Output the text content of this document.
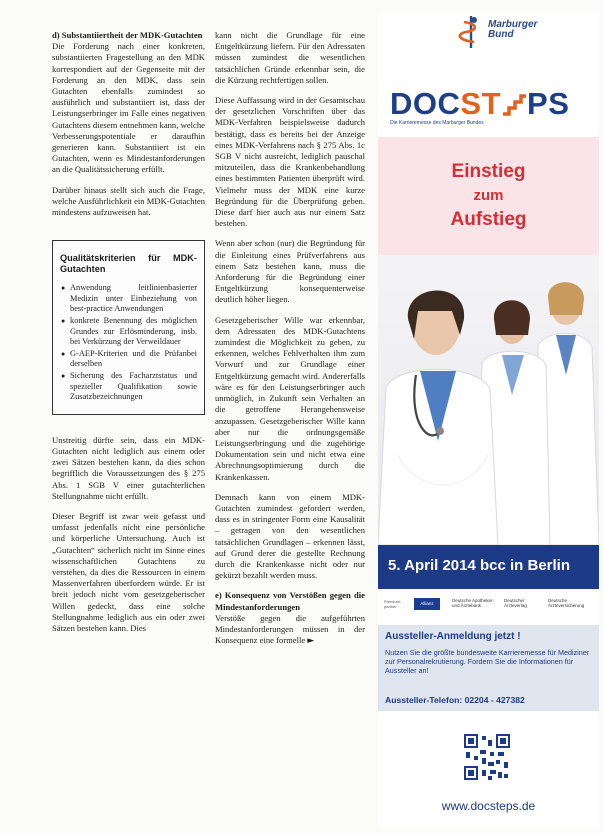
d) Substantiiertheit der MDK-Gutachten

Die Forderung nach einer konkreten, substantiierten Fragestellung an den MDK korrespondiert auf der Gegenseite mit der Forderung an den MDK, dass sein Gutachten ebenfalls zumindest so ausführlich und substantiiert ist, dass der Leistungserbringer im Falle eines negativen Gutachtens diesem entnehmen kann, welche Verbesserungspotentiale er daraufhin generieren kann. Substantiiert ist ein Gutachten, wenn es Mindestanforderungen an die Qualitätssicherung erfüllt.

Darüber hinaus stellt sich auch die Frage, welche Ausführlichkeit ein MDK-Gutachten mindestens aufzuweisen hat.

Qualitätskriterien für MDK-Gutachten
● Anwendung leitlinienbasierter Medizin unter Einbeziehung von best-practice Anwendungen
● konkrete Benennung des möglichen Grundes zur Erlösminderung, insb. bei Verkürzung der Verweildauer
● G-AEP-Kriterien und die Prüfanbei derselben
● Sicherung des Facharztstatus und spezieller Qualifikation sowie Zusatzbezeichnungen

Unstreitig dürfte sein, dass ein MDK-Gutachten nicht lediglich aus einem oder zwei Sätzen bestehen kann, da dies schon begrifflich die Voraussetzungen des § 275 Abs. 1 SGB V einer gutachterlichen Stellungnahme nicht erfüllt.

Dieser Begriff ist zwar weit gefasst und umfasst jedenfalls nicht eine persönliche und körperliche Untersuchung. Auch ist „Gutachten“ sicherlich nicht im Sinne eines wissenschaftlichen Gutachtens zu verstehen, da dies die Ressourcen in einem Massenverfahren überfordern würde. Er ist breit jedoch nicht vom gesetzgeberischer Willen gedeckt, dass eine solche Stellungnahme lediglich aus ein oder zwei Sätzen bestehen kann. Dies

kann nicht die Grundlage für eine Entgeltkürzung liefern. Für den Adressaten müssen zumindest die wesentlichen tatsächlichen Gründe erkennbar sein, die die Kürzung rechtfertigen sollen.

Diese Auffassung wird in der Gesamtschau der gesetzlichen Vorschriften über das MDK-Verfahren beispielsweise dadurch bestätigt, dass es bereits bei der Anzeige eines MDK-Verfahrens nach § 275 Abs. 1c SGB V nicht ausreicht, lediglich pauschal mitzuteilen, dass die Krankenbehandlung eines bestimmten Patienten überprüft wird. Vielmehr muss der MDK eine kurze Begründung für die Überprüfung geben. Diese darf hier auch aus nur einem Satz bestehen.

Wenn aber schon (nur) die Begründung für die Einleitung eines Prüfverfahrens aus einem Satz bestehen kann, muss die Anforderung für die Begründung einer Entgeltkürzung konsequenterweise deutlich höher liegen.

Gesetzgeberischer Wille war erkennbar, dem Adressaten des MDK-Gutachtens zumindest die Möglichkeit zu geben, zu erkennen, welches Fehlverhalten ihm zum Vorwurf und zur Grundlage einer Entgeltkürzung gemacht wird. Andererfalls wäre es für den Leistungserbringer auch unmöglich, in Zukunft sein Verhalten an die getroffene Herangehensweise anzupassen. Gesetzgeberischer Wille kann aber nur die ordnungsgemäße Leistungserbringung und die zugehörige Dokumentation sein und nicht etwa eine Abrechnungsoptimierung durch die Krankenkassen.

Demnach kann von einem MDK-Gutachten zumindest gefordert werden, dass es in stringenter Form eine Kausalität – getragen von den wesentlichen tatsächlichen Grundlagen – erkennen lässt, auf Grund derer die gestellte Rechnung durch die Krankenkasse nicht oder nur gekürzt bezahlt werden muss.

e) Konsequenz von Verstößen gegen die Mindestanforderungen

Verstöße gegen die aufgeführten Mindestanforderungen müssen in der Konsequenz eine formelle ►

Marburger
Bund
DOCST PS
Die Karrieremesse des Marburger Bundes
Einstieg
zum
Aufstieg
5. April 2014 bcc in Berlin
Premium-partner
Allianz
Deutsche Apotheker- und Ärztebank
Deutscher Ärzteverlag
Deutsche Ärzteversicherung
Aussteller-Anmeldung jetzt !
Nutzen Sie die größte bundesweite Karrieremesse für Mediziner zur Personalrekrutierung. Fordern Sie die Informationen für Aussteller an!
Aussteller-Telefon: 02204 - 427382
www.docsteps.de
